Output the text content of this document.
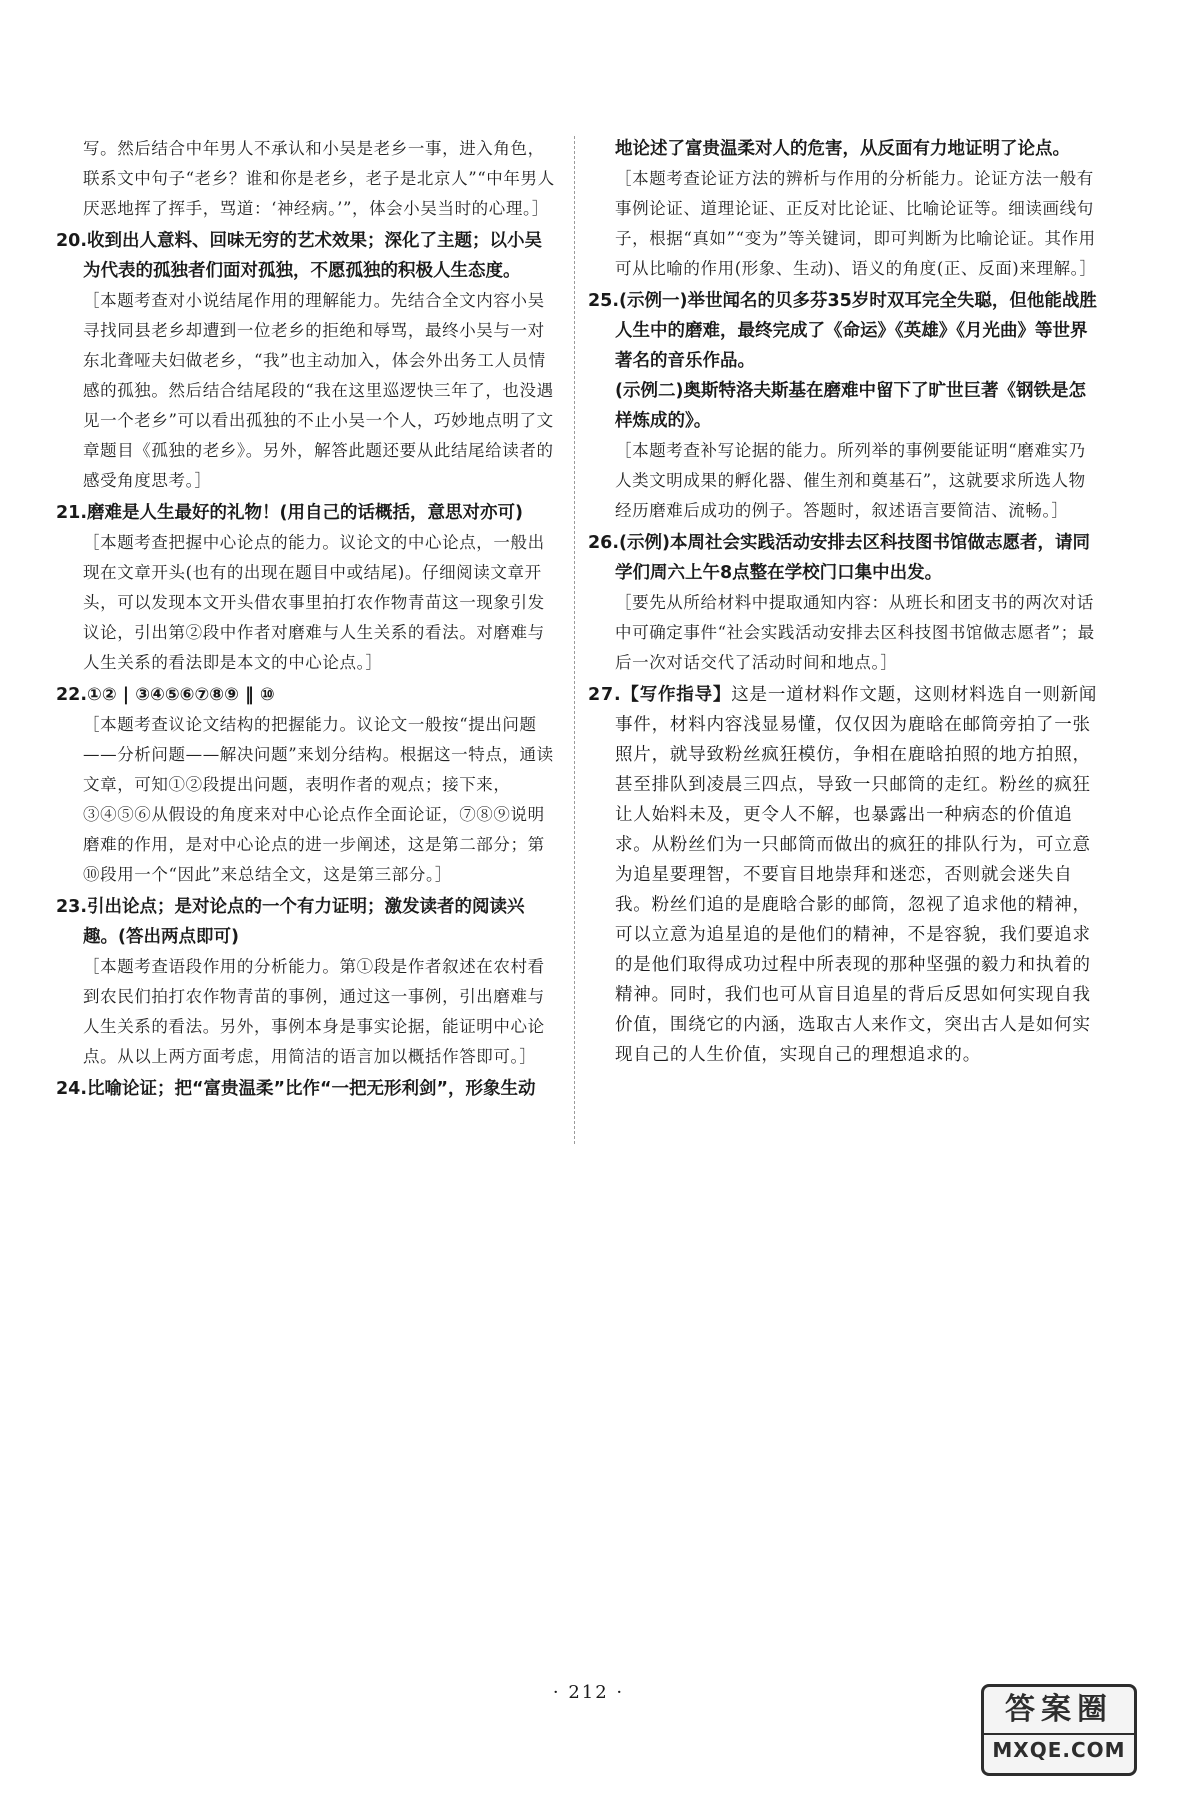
写。然后结合中年男人不承认和小吴是老乡一事，进入角色，联系文中句子“老乡？谁和你是老乡，老子是北京人”“中年男人厌恶地挥了挥手，骂道：‘神经病。’”，体会小吴当时的心理。］

20.收到出人意料、回味无穷的艺术效果；深化了主题；以小吴为代表的孤独者们面对孤独，不愿孤独的积极人生态度。

［本题考查对小说结尾作用的理解能力。先结合全文内容小吴寻找同县老乡却遭到一位老乡的拒绝和辱骂，最终小吴与一对东北聋哑夫妇做老乡，“我”也主动加入，体会外出务工人员情感的孤独。然后结合结尾段的“我在这里巡逻快三年了，也没遇见一个老乡”可以看出孤独的不止小吴一个人，巧妙地点明了文章题目《孤独的老乡》。另外，解答此题还要从此结尾给读者的感受角度思考。］

21.磨难是人生最好的礼物！(用自己的话概括，意思对亦可)

［本题考查把握中心论点的能力。议论文的中心论点，一般出现在文章开头(也有的出现在题目中或结尾)。仔细阅读文章开头，可以发现本文开头借农事里拍打农作物青苗这一现象引发议论，引出第②段中作者对磨难与人生关系的看法。对磨难与人生关系的看法即是本文的中心论点。］

22.①② | ③④⑤⑥⑦⑧⑨ ‖ ⑩

［本题考查议论文结构的把握能力。议论文一般按“提出问题——分析问题——解决问题”来划分结构。根据这一特点，通读文章，可知①②段提出问题，表明作者的观点；接下来，③④⑤⑥从假设的角度来对中心论点作全面论证，⑦⑧⑨说明磨难的作用，是对中心论点的进一步阐述，这是第二部分；第⑩段用一个“因此”来总结全文，这是第三部分。］

23.引出论点；是对论点的一个有力证明；激发读者的阅读兴趣。(答出两点即可)

［本题考查语段作用的分析能力。第①段是作者叙述在农村看到农民们拍打农作物青苗的事例，通过这一事例，引出磨难与人生关系的看法。另外，事例本身是事实论据，能证明中心论点。从以上两方面考虑，用简洁的语言加以概括作答即可。］

24.比喻论证；把“富贵温柔”比作“一把无形利剑”，形象生动

地论述了富贵温柔对人的危害，从反面有力地证明了论点。

［本题考查论证方法的辨析与作用的分析能力。论证方法一般有事例论证、道理论证、正反对比论证、比喻论证等。细读画线句子，根据“真如”“变为”等关键词，即可判断为比喻论证。其作用可从比喻的作用(形象、生动)、语义的角度(正、反面)来理解。］

25.(示例一)举世闻名的贝多芬35岁时双耳完全失聪，但他能战胜人生中的磨难，最终完成了《命运》《英雄》《月光曲》等世界著名的音乐作品。

(示例二)奥斯特洛夫斯基在磨难中留下了旷世巨著《钢铁是怎样炼成的》。

［本题考查补写论据的能力。所列举的事例要能证明“磨难实乃人类文明成果的孵化器、催生剂和奠基石”，这就要求所选人物经历磨难后成功的例子。答题时，叙述语言要简洁、流畅。］

26.(示例)本周社会实践活动安排去区科技图书馆做志愿者，请同学们周六上午8点整在学校门口集中出发。

［要先从所给材料中提取通知内容：从班长和团支书的两次对话中可确定事件“社会实践活动安排去区科技图书馆做志愿者”；最后一次对话交代了活动时间和地点。］

27.【写作指导】这是一道材料作文题，这则材料选自一则新闻事件，材料内容浅显易懂，仅仅因为鹿晗在邮筒旁拍了一张照片，就导致粉丝疯狂模仿，争相在鹿晗拍照的地方拍照，甚至排队到凌晨三四点，导致一只邮筒的走红。粉丝的疯狂让人始料未及，更令人不解，也暴露出一种病态的价值追求。从粉丝们为一只邮筒而做出的疯狂的排队行为，可立意为追星要理智，不要盲目地崇拜和迷恋，否则就会迷失自我。粉丝们追的是鹿晗合影的邮筒，忽视了追求他的精神，可以立意为追星追的是他们的精神，不是容貌，我们要追求的是他们取得成功过程中所表现的那种坚强的毅力和执着的精神。同时，我们也可从盲目追星的背后反思如何实现自我价值，围绕它的内涵，选取古人来作文，突出古人是如何实现自己的人生价值，实现自己的理想追求的。

· 212 ·	答案圈
MXQE.COM
